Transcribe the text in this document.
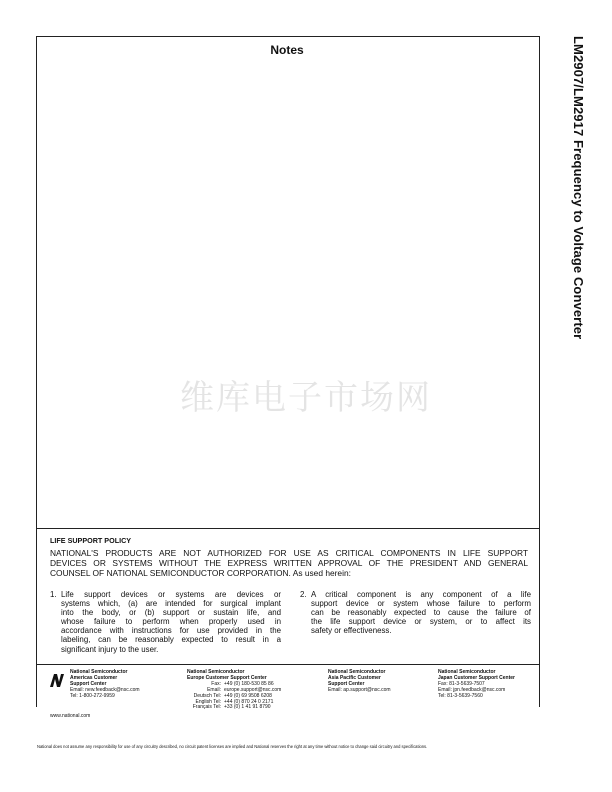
Notes	LM2907/LM2917 Frequency to Voltage Converter
维库电子市场网
LIFE SUPPORT POLICY
NATIONAL'S PRODUCTS ARE NOT AUTHORIZED FOR USE AS CRITICAL COMPONENTS IN LIFE SUPPORT
DEVICES OR SYSTEMS WITHOUT THE EXPRESS WRITTEN APPROVAL OF THE PRESIDENT AND GENERAL
COUNSEL OF NATIONAL SEMICONDUCTOR CORPORATION. As used herein:
1. Life support devices or systems are devices or
systems which, (a) are intended for surgical implant
into the body, or (b) support or sustain life, and
whose failure to perform when properly used in
accordance with instructions for use provided in the
labeling, can be reasonably expected to result in a
significant injury to the user.
2. A critical component is any component of a life
support device or system whose failure to perform
can be reasonably expected to cause the failure of
the life support device or system, or to affect its
safety or effectiveness.
National Semiconductor
Americas Customer
Support Center
Email: new.feedback@nsc.com
Tel: 1-800-272-9959
National Semiconductor
Europe Customer Support Center
Fax: +49 (0) 180-530 85 86
Email: europe.support@nsc.com
Deutsch Tel: +49 (0) 69 9508 6208
English Tel: +44 (0) 870 24 0 2171
Français Tel: +33 (0) 1 41 91 8790
National Semiconductor
Asia Pacific Customer
Support Center
Email: ap.support@nsc.com
National Semiconductor
Japan Customer Support Center
Fax: 81-3-5639-7507
Email: jpn.feedback@nsc.com
Tel: 81-3-5639-7560
www.national.com
National does not assume any responsibility for use of any circuitry described, no circuit patent licenses are implied and National reserves the right at any time without notice to change said circuitry and specifications.
